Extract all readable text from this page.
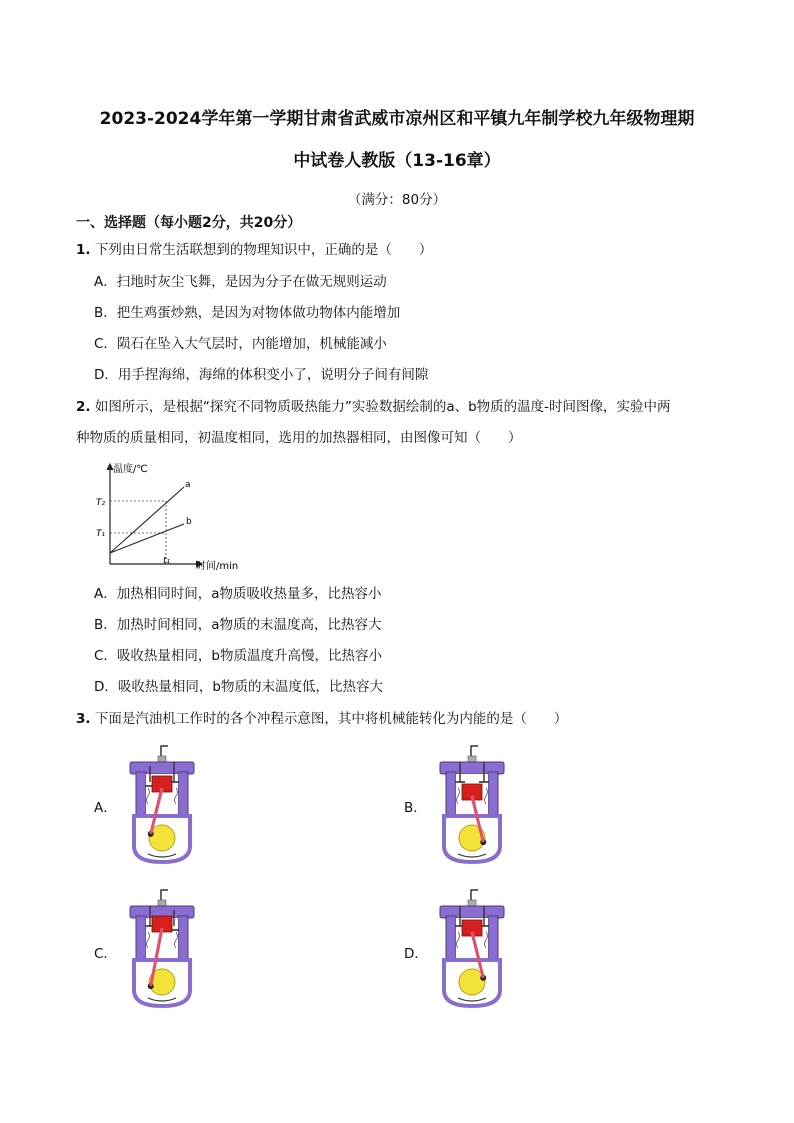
2023-2024学年第一学期甘肃省武威市凉州区和平镇九年制学校九年级物理期
中试卷人教版（13-16章）
（满分：80分）
一、选择题（每小题2分，共20分）
1. 下列由日常生活联想到的物理知识中，正确的是（　　）
A．扫地时灰尘飞舞，是因为分子在做无规则运动
B．把生鸡蛋炒熟，是因为对物体做功物体内能增加
C．陨石在坠入大气层时，内能增加，机械能减小
D．用手捏海绵，海绵的体积变小了，说明分子间有间隙
2. 如图所示，是根据“探究不同物质吸热能力”实验数据绘制的a、b物质的温度-时间图像，实验中两
种物质的质量相同，初温度相同，选用的加热器相同，由图像可知（　　）
温度/℃
时间/min
T₂
T₁
t₁
a
b
A．加热相同时间，a物质吸收热量多，比热容小
B．加热时间相同，a物质的末温度高，比热容大
C．吸收热量相同，b物质温度升高慢，比热容小
D．吸收热量相同，b物质的末温度低，比热容大
3. 下面是汽油机工作时的各个冲程示意图，其中将机械能转化为内能的是（　　）
A．	B．
C．	D．
